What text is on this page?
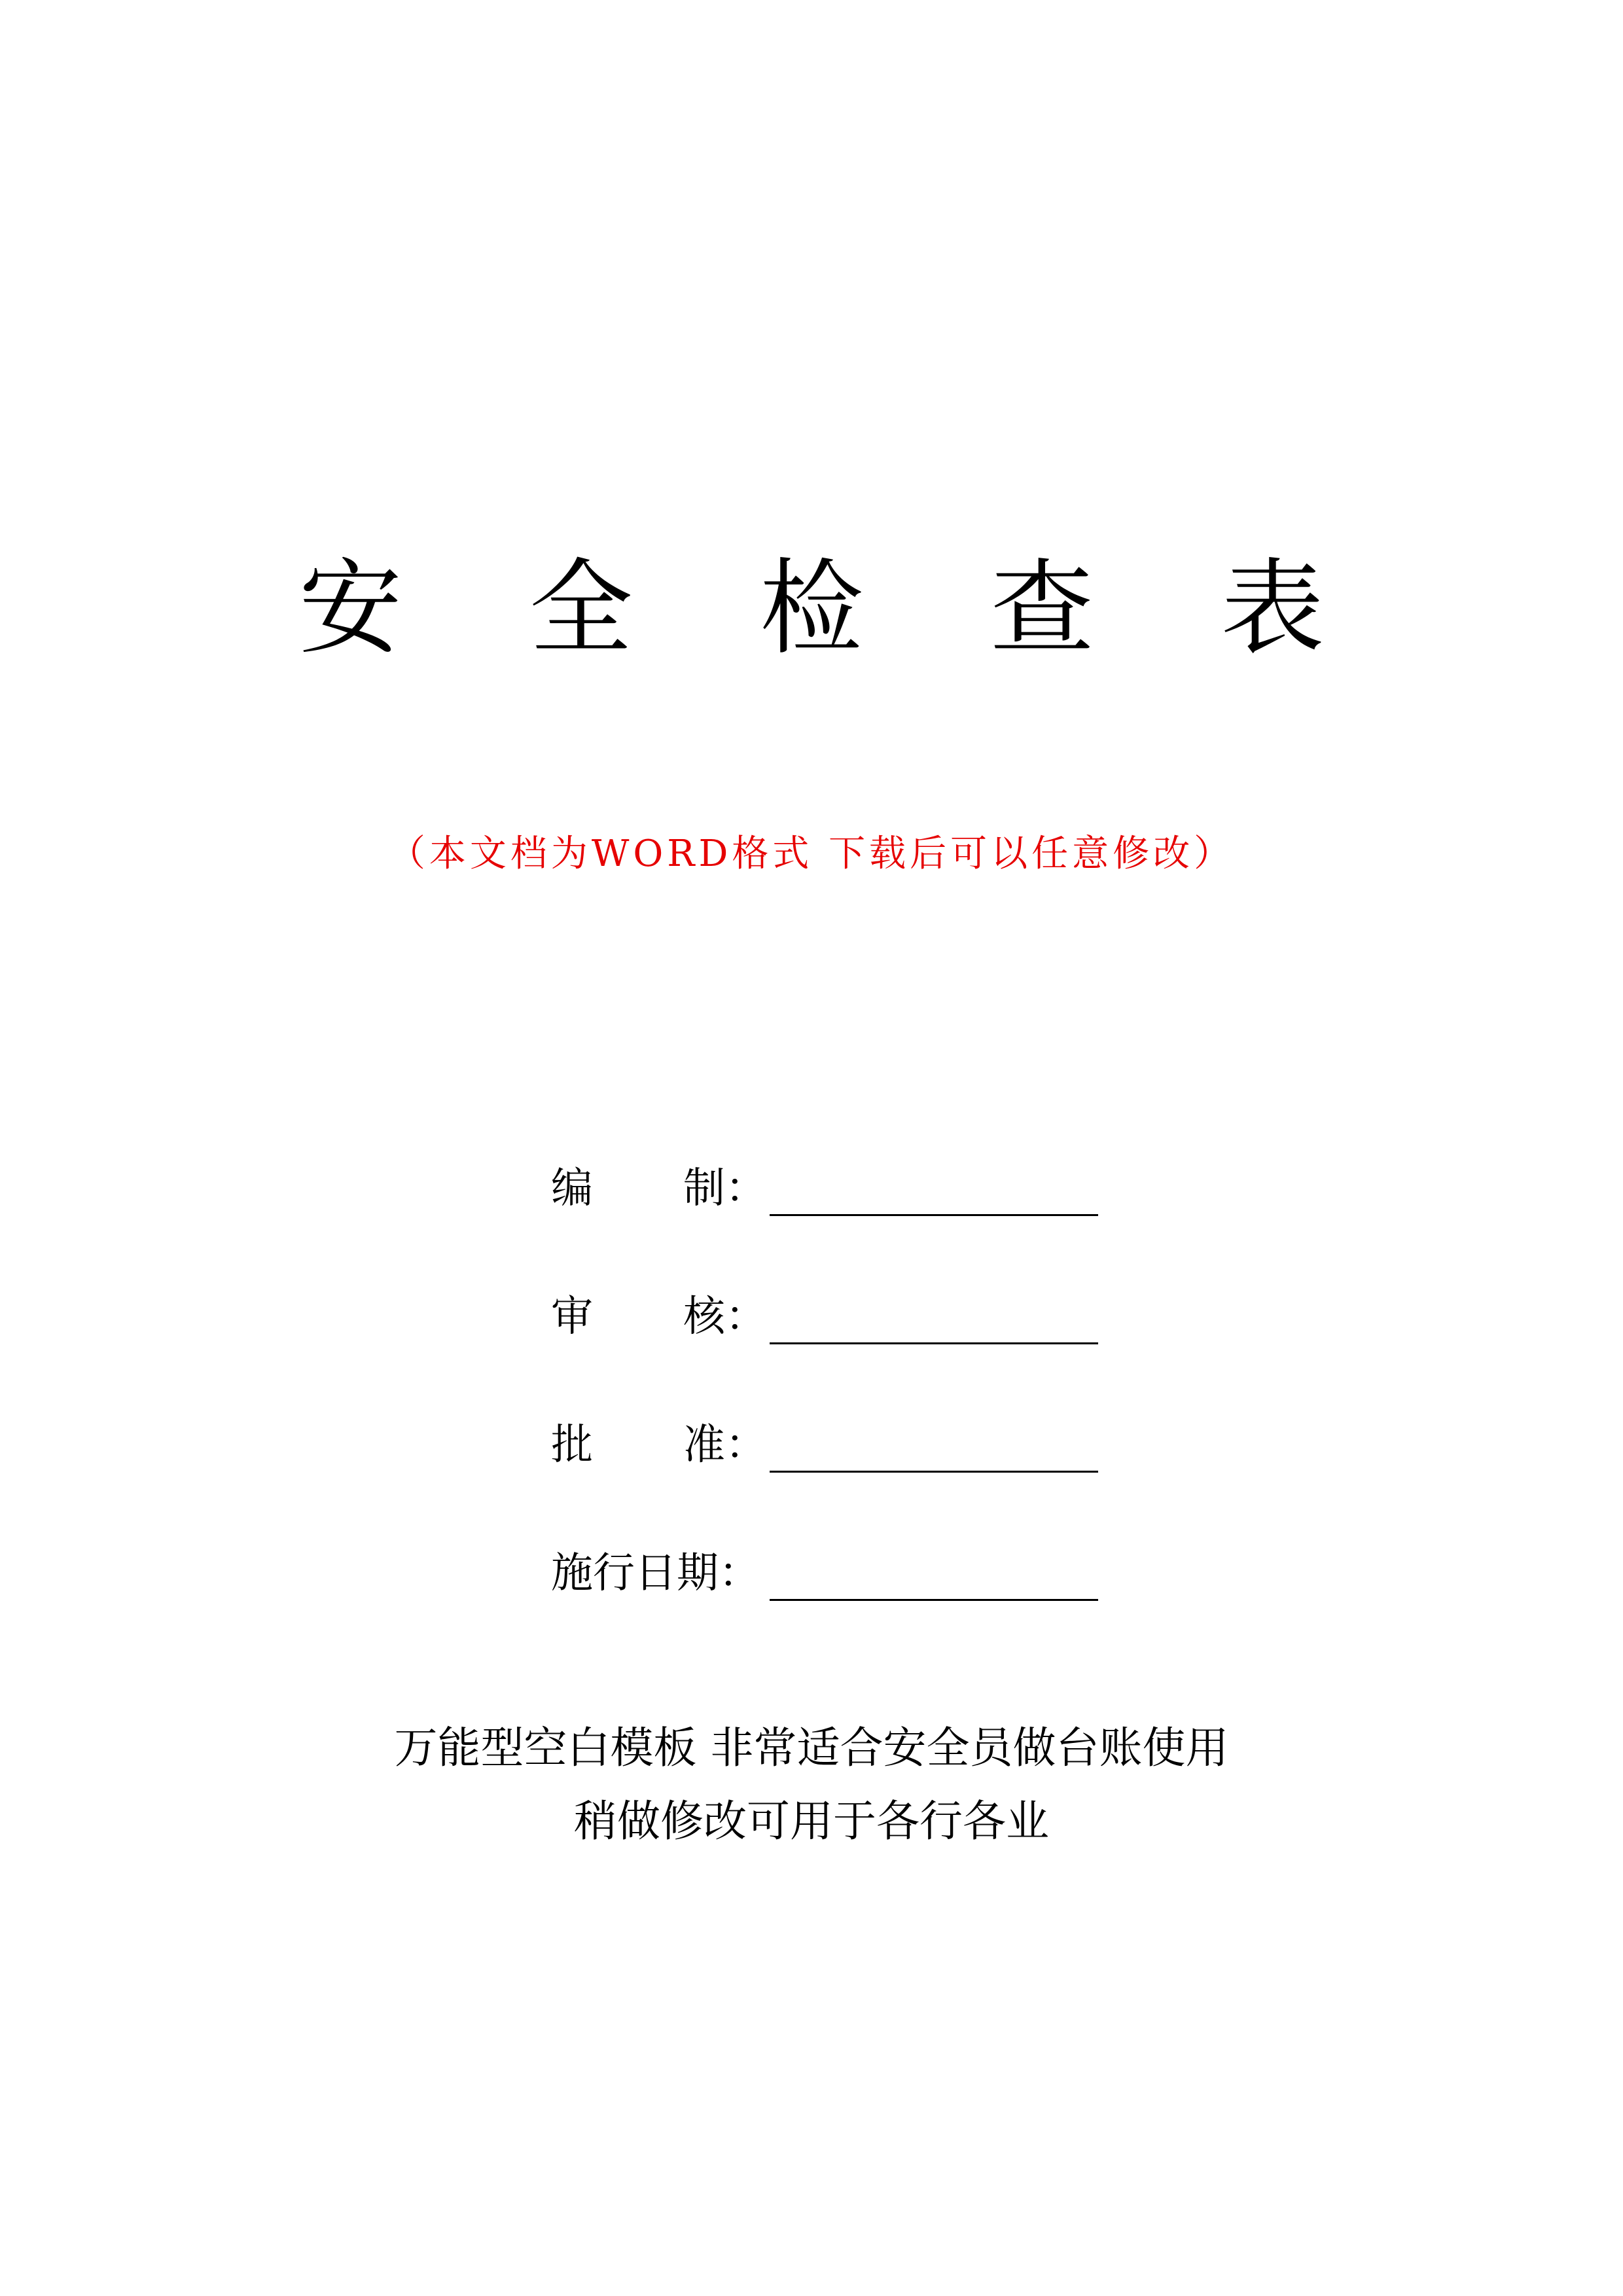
安 全 检 查 表
（本文档为WORD格式 下载后可以任意修改）
编 制：
审 核：
批 准：
施行日期：
万能型空白模板 非常适合安全员做台账使用
稍做修改可用于各行各业
